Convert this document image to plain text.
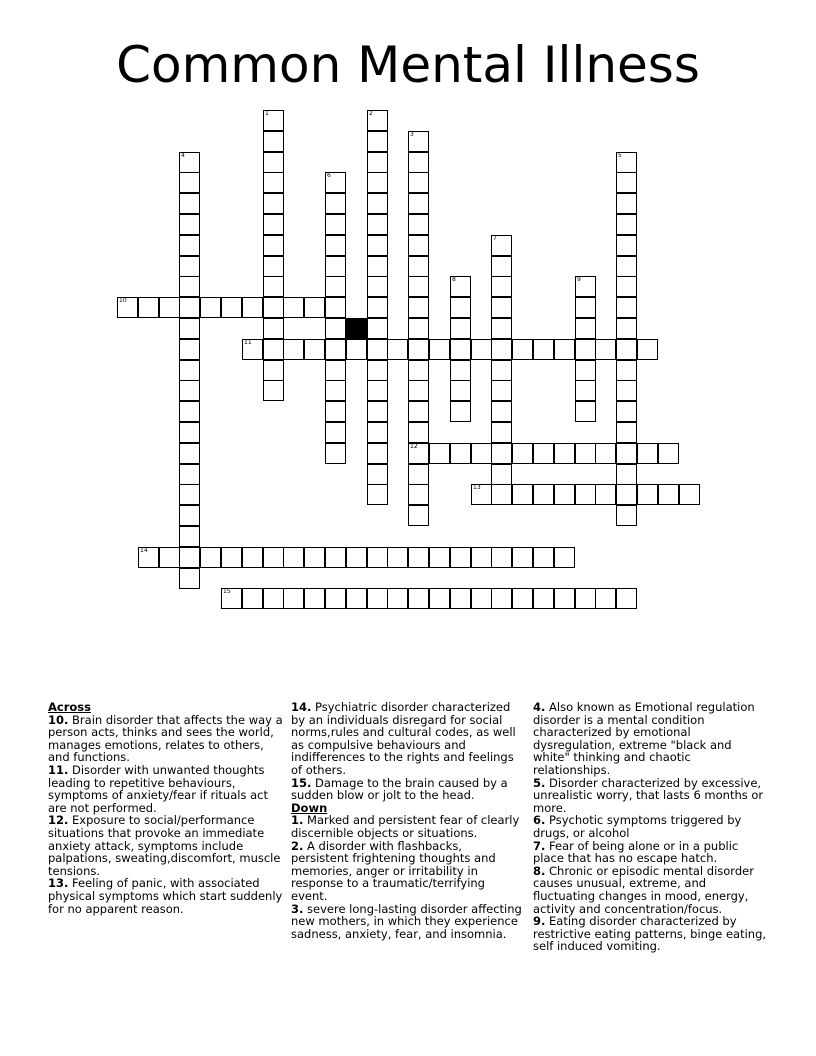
Common Mental Illness
10
11
12
13
14
15
1	2
3
4	5
6
7
8	9
Across
10. Brain disorder that affects the way a person acts, thinks and sees the world, manages emotions, relates to others, and functions.
11. Disorder with unwanted thoughts leading to repetitive behaviours, symptoms of anxiety/fear if rituals act are not performed.
12. Exposure to social/performance situations that provoke an immediate anxiety attack, symptoms include palpations, sweating,discomfort, muscle tensions.
13. Feeling of panic, with associated physical symptoms which start suddenly for no apparent reason.
14. Psychiatric disorder characterized by an individuals disregard for social norms,rules and cultural codes, as well as compulsive behaviours and indifferences to the rights and feelings of others.
15. Damage to the brain caused by a sudden blow or jolt to the head.
Down
1. Marked and persistent fear of clearly discernible objects or situations.
2. A disorder with flashbacks, persistent frightening thoughts and memories, anger or irritability in response to a traumatic/terrifying event.
3. severe long-lasting disorder affecting new mothers, in which they experience sadness, anxiety, fear, and insomnia.
4. Also known as Emotional regulation disorder is a mental condition characterized by emotional dysregulation, extreme "black and white" thinking and chaotic relationships.
5. Disorder characterized by excessive, unrealistic worry, that lasts 6 months or more.
6. Psychotic symptoms triggered by drugs, or alcohol
7. Fear of being alone or in a public place that has no escape hatch.
8. Chronic or episodic mental disorder causes unusual, extreme, and fluctuating changes in mood, energy, activity and concentration/focus.
9. Eating disorder characterized by restrictive eating patterns, binge eating, self induced vomiting.
